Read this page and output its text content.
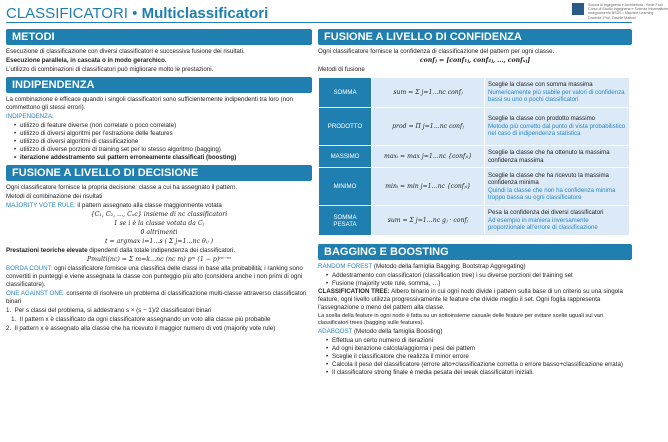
CLASSIFICATORI • Multiclassificatori	Scuola di Ingegneria e Architettura - Sede Forlì
Corso di Studio Ingegneria e Scienze Informatiche
Insegnamento BSDS • Machine Learning
Docente: Prof. Davide Maltoni
METODI

Esecuzione di classificazione con diversi classificatori e successiva fusione dei risultati.

Esecuzione parallela, in cascata o in modo gerarchico.

L’utilizzo di combinazioni di classificatori può migliorare molto le prestazioni.

INDIPENDENZA

La combinazione è efficace quando i singoli classificatori sono sufficientemente indipendenti tra loro (non commettono gli stessi errori).

INDIPENDENZA:

• utilizzo di feature diverse (non correlate o poco correlate)
• utilizzo di diversi algoritmi per l’estrazione delle features
• utilizzo di diversi algoritmi di classificazione
• utilizzo di diverse porzioni di training set per lo stesso algoritmo (bagging)
• iterazione addestramento sui pattern erroneamente classificati (boosting)
FUSIONE A LIVELLO DI DECISIONE

Ogni classificatore fornisce la propria decisione: classe a cui ha assegnato il pattern.

Metodi di combinazione dei risultati

MAJORITY VOTE RULE: il pattern assegnato alla classe maggiormente votata

{C₁, C₂, …, Cₙc} insieme di nc classificatori

1 se i è la classe votata da Cⱼ

0 altrimenti

t = argmax i=1…s ( Σ j=1…nc θᵢⱼ )

Prestazioni teoriche elevate dipendenti dalla totale indipendenza dei classificatori.

Pmulti(nc) = Σ m=k…nc (nc m) pᵐ (1 − p)ⁿᶜ⁻ᵐ

BORDA COUNT: ogni classificatore fornisce una classifica delle classi in base alla probabilità; i ranking sono convertiti in punteggi e viene assegnata la classe con punteggio più alto (considera anche i non primi di ogni classificatore).

ONE AGAINST ONE: consente di risolvere un problema di classificazione multi-classe attraverso classificatori binari

1.  Per s classi del problema, si addestrano s × (s − 1)/2 classificatori binari

1.  Il pattern x è classificato da ogni classificatore assegnando un voto alla classe più probabile

2.  Il pattern x è assegnato alla classe che ha ricevuto il maggior numero di voti (majority vote rule)

FUSIONE A LIVELLO DI CONFIDENZA

Ogni classificatore fornisce la confidenza di classificazione del pattern per ogni classe.

confⱼ = [conf₁ⱼ, conf₂ⱼ, …, confₛⱼ]

Metodi di fusione

SOMMA	sum = Σ j=1…nc confⱼ	Sceglie la classe con somma massima
Numericamente più stabile per valori di confidenza bassi su uno o pochi classificatori

PRODOTTO	prod = Π j=1…nc confⱼ	Sceglie la classe con prodotto massimo
Metodo più corretto dal punto di vista probabilistico nel caso di indipendenza statistica

MASSIMO	maxᵢ = max j=1…nc {confⱼᵢ}	Sceglie la classe che ha ottenuto la massima confidenza massima

MINIMO	minᵢ = min j=1…nc {confⱼᵢ}	Sceglie la classe che ha ricevuto la massima confidenza minima
Quindi la classe che non ha confidenza minima troppo bassa su ogni classificatore

SOMMA PESATA	sum = Σ j=1…nc gⱼ · confⱼ	Pesa la confidenza dei diversi classificatori
Ad esempio in maniera inversamente proporzionale all’errore di classificazione
BAGGING E BOOSTING

RANDOM FOREST (Metodo della famiglia Bagging: Bootstrap Aggregating)

• Addestramento con classificatori (classification tree) i su diverse porzioni del training set
• Fusione (majority vote rule, somma, …)

CLASSIFICATION TREE: Albero binario in cui ogni nodo divide i pattern sulla base di un criterio su una singola feature, ogni livello utilizza progressivamente le feature che divide meglio il set. Ogni foglia rappresenta l’assegnazione o meno del pattern alla classe.

La scelta della feature in ogni nodo è fatta su un sottoinsieme casuale delle feature per evitare scelte uguali sui vari classificatori trees (bagging sulle features).

ADABOOST (Metodo della famiglia Boosting)

• Effettua un certo numero di iterazioni
• Ad ogni iterazione calcola/aggiorna i pesi dei pattern
• Sceglie il classificatore che realizza il minor errore
• Calcola il peso del classificatore (errore alto+classificazione corretta o errore basso+classificazione errata)
• Il classificatore strong finale è media pesata dei weak classificatori iniziali.
